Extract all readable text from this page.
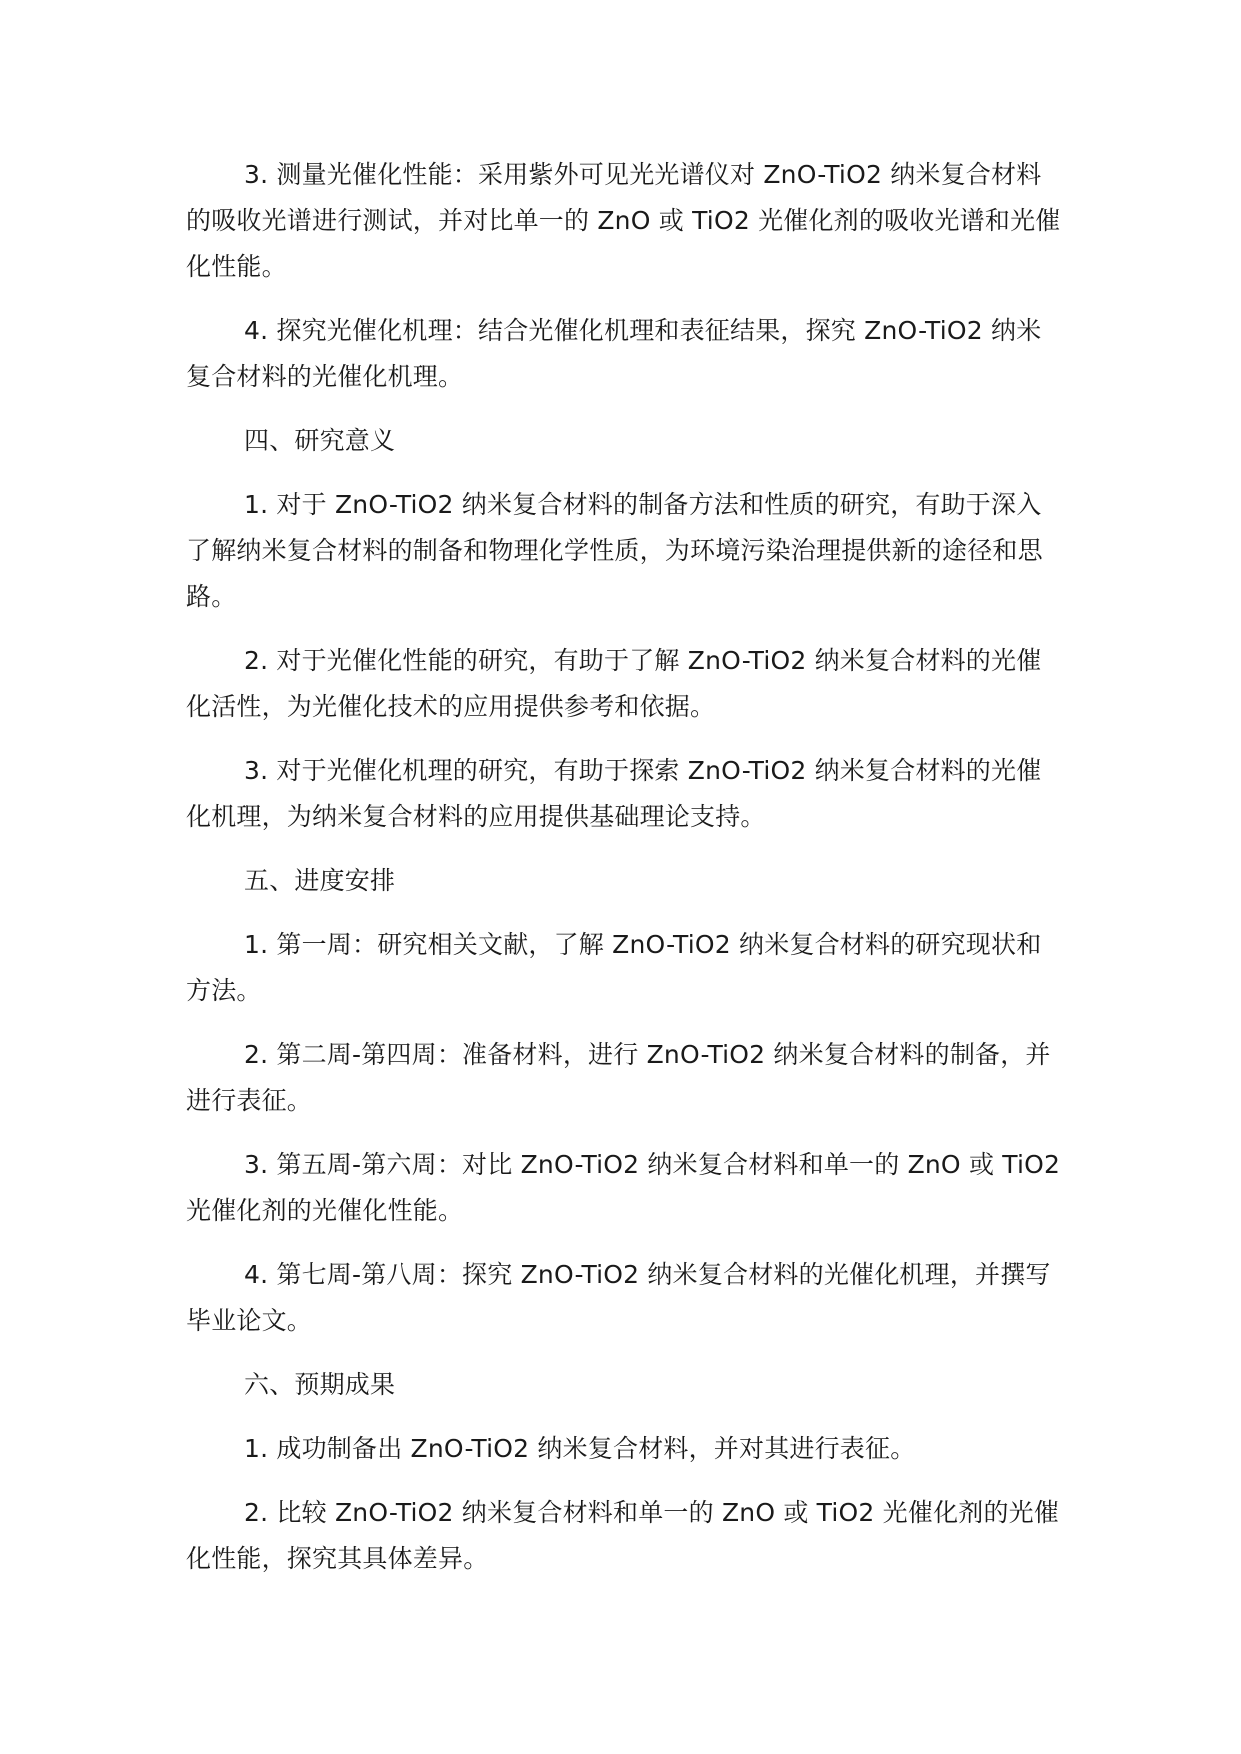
3. 测量光催化性能：采用紫外可见光光谱仪对 ZnO-TiO2 纳米复合材料的吸收光谱进行测试，并对比单一的 ZnO 或 TiO2 光催化剂的吸收光谱和光催化性能。

4. 探究光催化机理：结合光催化机理和表征结果，探究 ZnO-TiO2 纳米复合材料的光催化机理。

四、研究意义

1. 对于 ZnO-TiO2 纳米复合材料的制备方法和性质的研究，有助于深入了解纳米复合材料的制备和物理化学性质，为环境污染治理提供新的途径和思路。

2. 对于光催化性能的研究，有助于了解 ZnO-TiO2 纳米复合材料的光催化活性，为光催化技术的应用提供参考和依据。

3. 对于光催化机理的研究，有助于探索 ZnO-TiO2 纳米复合材料的光催化机理，为纳米复合材料的应用提供基础理论支持。

五、进度安排

1. 第一周：研究相关文献，了解 ZnO-TiO2 纳米复合材料的研究现状和方法。

2. 第二周-第四周：准备材料，进行 ZnO-TiO2 纳米复合材料的制备，并进行表征。

3. 第五周-第六周：对比 ZnO-TiO2 纳米复合材料和单一的 ZnO 或 TiO2 光催化剂的光催化性能。

4. 第七周-第八周：探究 ZnO-TiO2 纳米复合材料的光催化机理，并撰写毕业论文。

六、预期成果

1. 成功制备出 ZnO-TiO2 纳米复合材料，并对其进行表征。

2. 比较 ZnO-TiO2 纳米复合材料和单一的 ZnO 或 TiO2 光催化剂的光催化性能，探究其具体差异。
